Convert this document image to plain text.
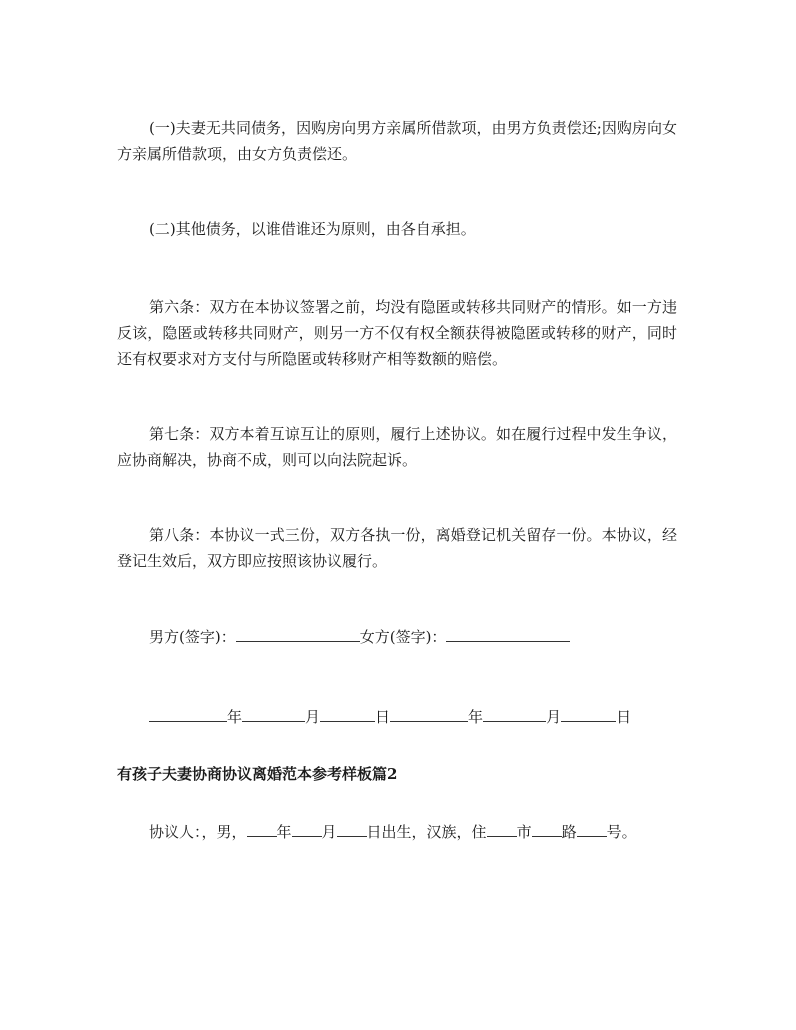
(一)夫妻无共同债务，因购房向男方亲属所借款项，由男方负责偿还;因购房向女方亲属所借款项，由女方负责偿还。

(二)其他债务，以谁借谁还为原则，由各自承担。

第六条：双方在本协议签署之前，均没有隐匿或转移共同财产的情形。如一方违反该，隐匿或转移共同财产，则另一方不仅有权全额获得被隐匿或转移的财产，同时还有权要求对方支付与所隐匿或转移财产相等数额的赔偿。

第七条：双方本着互谅互让的原则，履行上述协议。如在履行过程中发生争议，应协商解决，协商不成，则可以向法院起诉。

第八条：本协议一式三份，双方各执一份，离婚登记机关留存一份。本协议，经登记生效后，双方即应按照该协议履行。

男方(签字)：	女方(签字)：
年	月	日	年	月	日
有孩子夫妻协商协议离婚范本参考样板篇2
协议人：，男， 年 月 日出生，汉族，住 市 路 号。
